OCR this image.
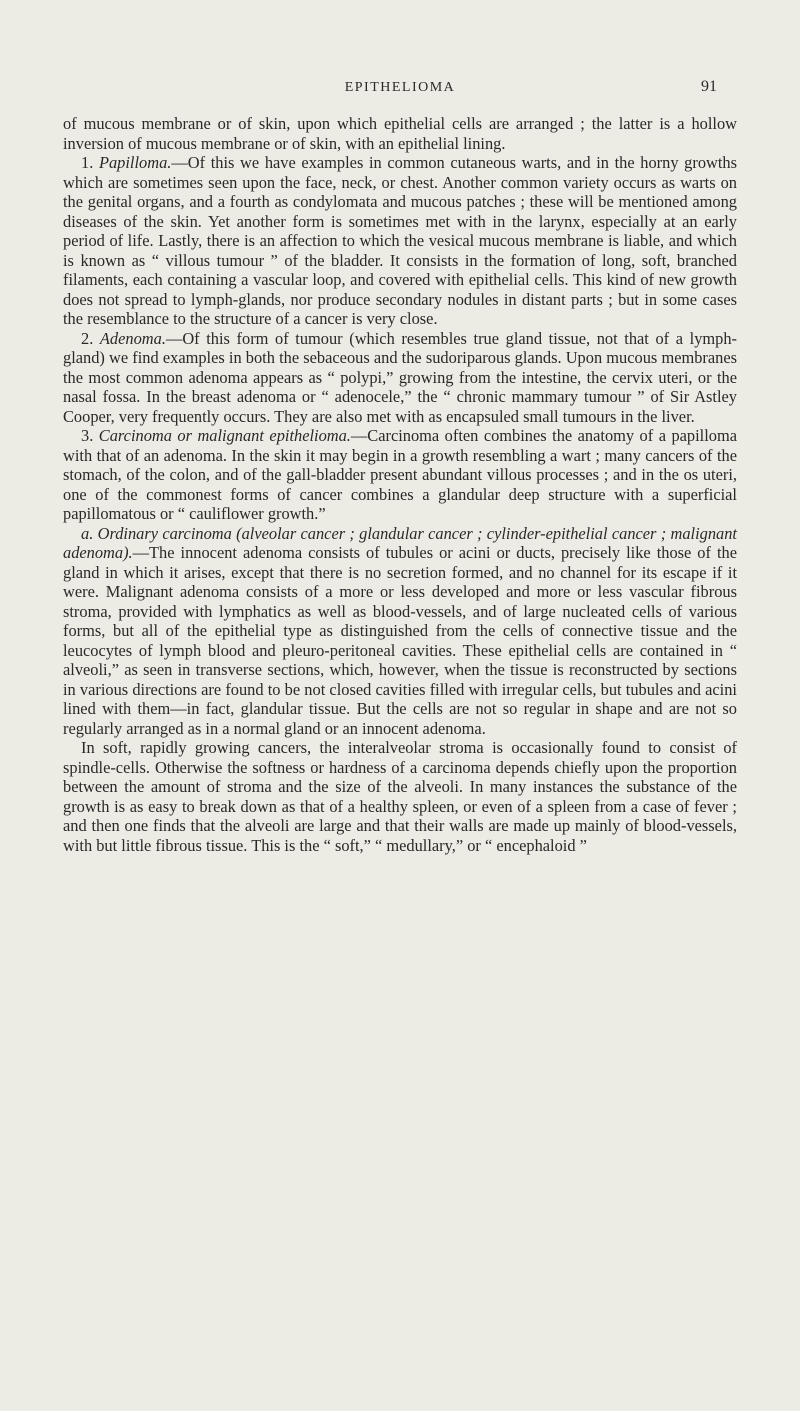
EPITHELIOMA	91

of mucous membrane or of skin, upon which epithelial cells are arranged ; the latter is a hollow inversion of mucous membrane or of skin, with an epithelial lining.

1. Papilloma.—Of this we have examples in common cutaneous warts, and in the horny growths which are sometimes seen upon the face, neck, or chest. Another common variety occurs as warts on the genital organs, and a fourth as condylomata and mucous patches ; these will be mentioned among diseases of the skin. Yet another form is sometimes met with in the larynx, especially at an early period of life. Lastly, there is an affection to which the vesical mucous membrane is liable, and which is known as “ villous tumour ” of the bladder. It consists in the formation of long, soft, branched filaments, each containing a vascular loop, and covered with epithelial cells. This kind of new growth does not spread to lymph-glands, nor produce secondary nodules in distant parts ; but in some cases the resemblance to the structure of a cancer is very close.

2. Adenoma.—Of this form of tumour (which resembles true gland tissue, not that of a lymph-gland) we find examples in both the sebaceous and the sudoriparous glands. Upon mucous membranes the most common adenoma appears as “ polypi,” growing from the intestine, the cervix uteri, or the nasal fossa. In the breast adenoma or “ adenocele,” the “ chronic mammary tumour ” of Sir Astley Cooper, very frequently occurs. They are also met with as encapsuled small tumours in the liver.

3. Carcinoma or malignant epithelioma.—Carcinoma often combines the anatomy of a papilloma with that of an adenoma. In the skin it may begin in a growth resembling a wart ; many cancers of the stomach, of the colon, and of the gall-bladder present abundant villous processes ; and in the os uteri, one of the commonest forms of cancer combines a glandular deep structure with a superficial papillomatous or “ cauliflower growth.”

a. Ordinary carcinoma (alveolar cancer ; glandular cancer ; cylinder-epithelial cancer ; malignant adenoma).—The innocent adenoma consists of tubules or acini or ducts, precisely like those of the gland in which it arises, except that there is no secretion formed, and no channel for its escape if it were. Malignant adenoma consists of a more or less developed and more or less vascular fibrous stroma, provided with lymphatics as well as blood-vessels, and of large nucleated cells of various forms, but all of the epithelial type as distinguished from the cells of connective tissue and the leucocytes of lymph blood and pleuro-peritoneal cavities. These epithelial cells are contained in “ alveoli,” as seen in transverse sections, which, however, when the tissue is reconstructed by sections in various directions are found to be not closed cavities filled with irregular cells, but tubules and acini lined with them—in fact, glandular tissue. But the cells are not so regular in shape and are not so regularly arranged as in a normal gland or an innocent adenoma.

In soft, rapidly growing cancers, the interalveolar stroma is occasionally found to consist of spindle-cells. Otherwise the softness or hardness of a carcinoma depends chiefly upon the proportion between the amount of stroma and the size of the alveoli. In many instances the substance of the growth is as easy to break down as that of a healthy spleen, or even of a spleen from a case of fever ; and then one finds that the alveoli are large and that their walls are made up mainly of blood-vessels, with but little fibrous tissue. This is the “ soft,” “ medullary,” or “ encephaloid ”
